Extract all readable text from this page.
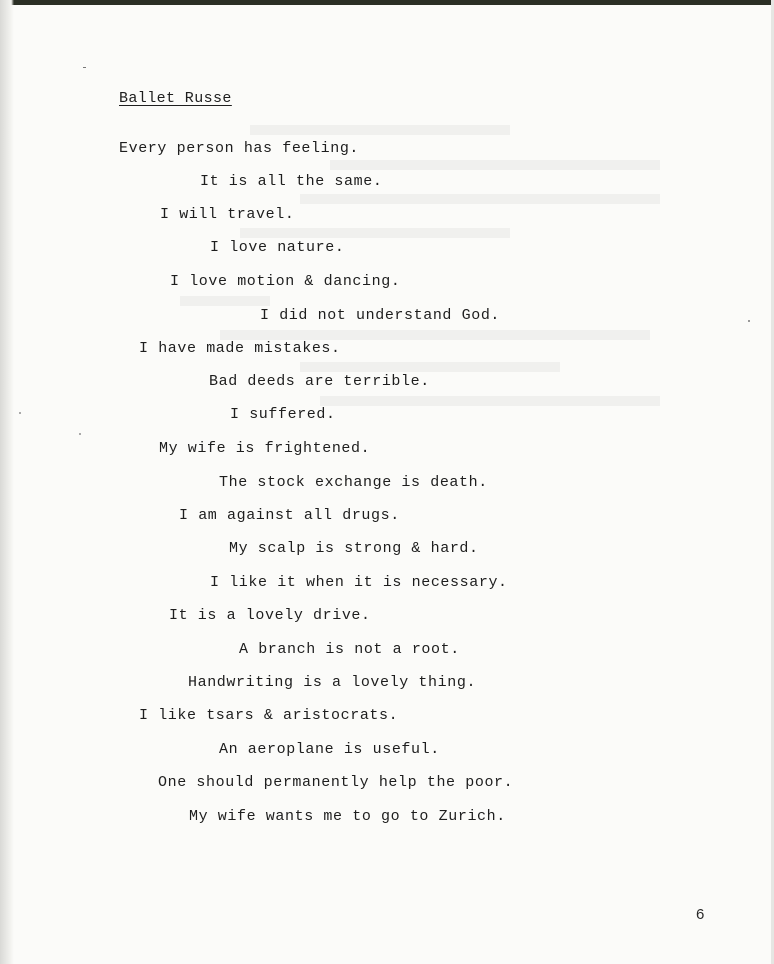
Ballet Russe
Every person has feeling.
It is all the same.
I will travel.
I love nature.
I love motion & dancing.
I did not understand God.
I have made mistakes.
Bad deeds are terrible.
I suffered.
My wife is frightened.
The stock exchange is death.
I am against all drugs.
My scalp is strong & hard.
I like it when it is necessary.
It is a lovely drive.
A branch is not a root.
Handwriting is a lovely thing.
I like tsars & aristocrats.
An aeroplane is useful.
One should permanently help the poor.
My wife wants me to go to Zurich.
6
